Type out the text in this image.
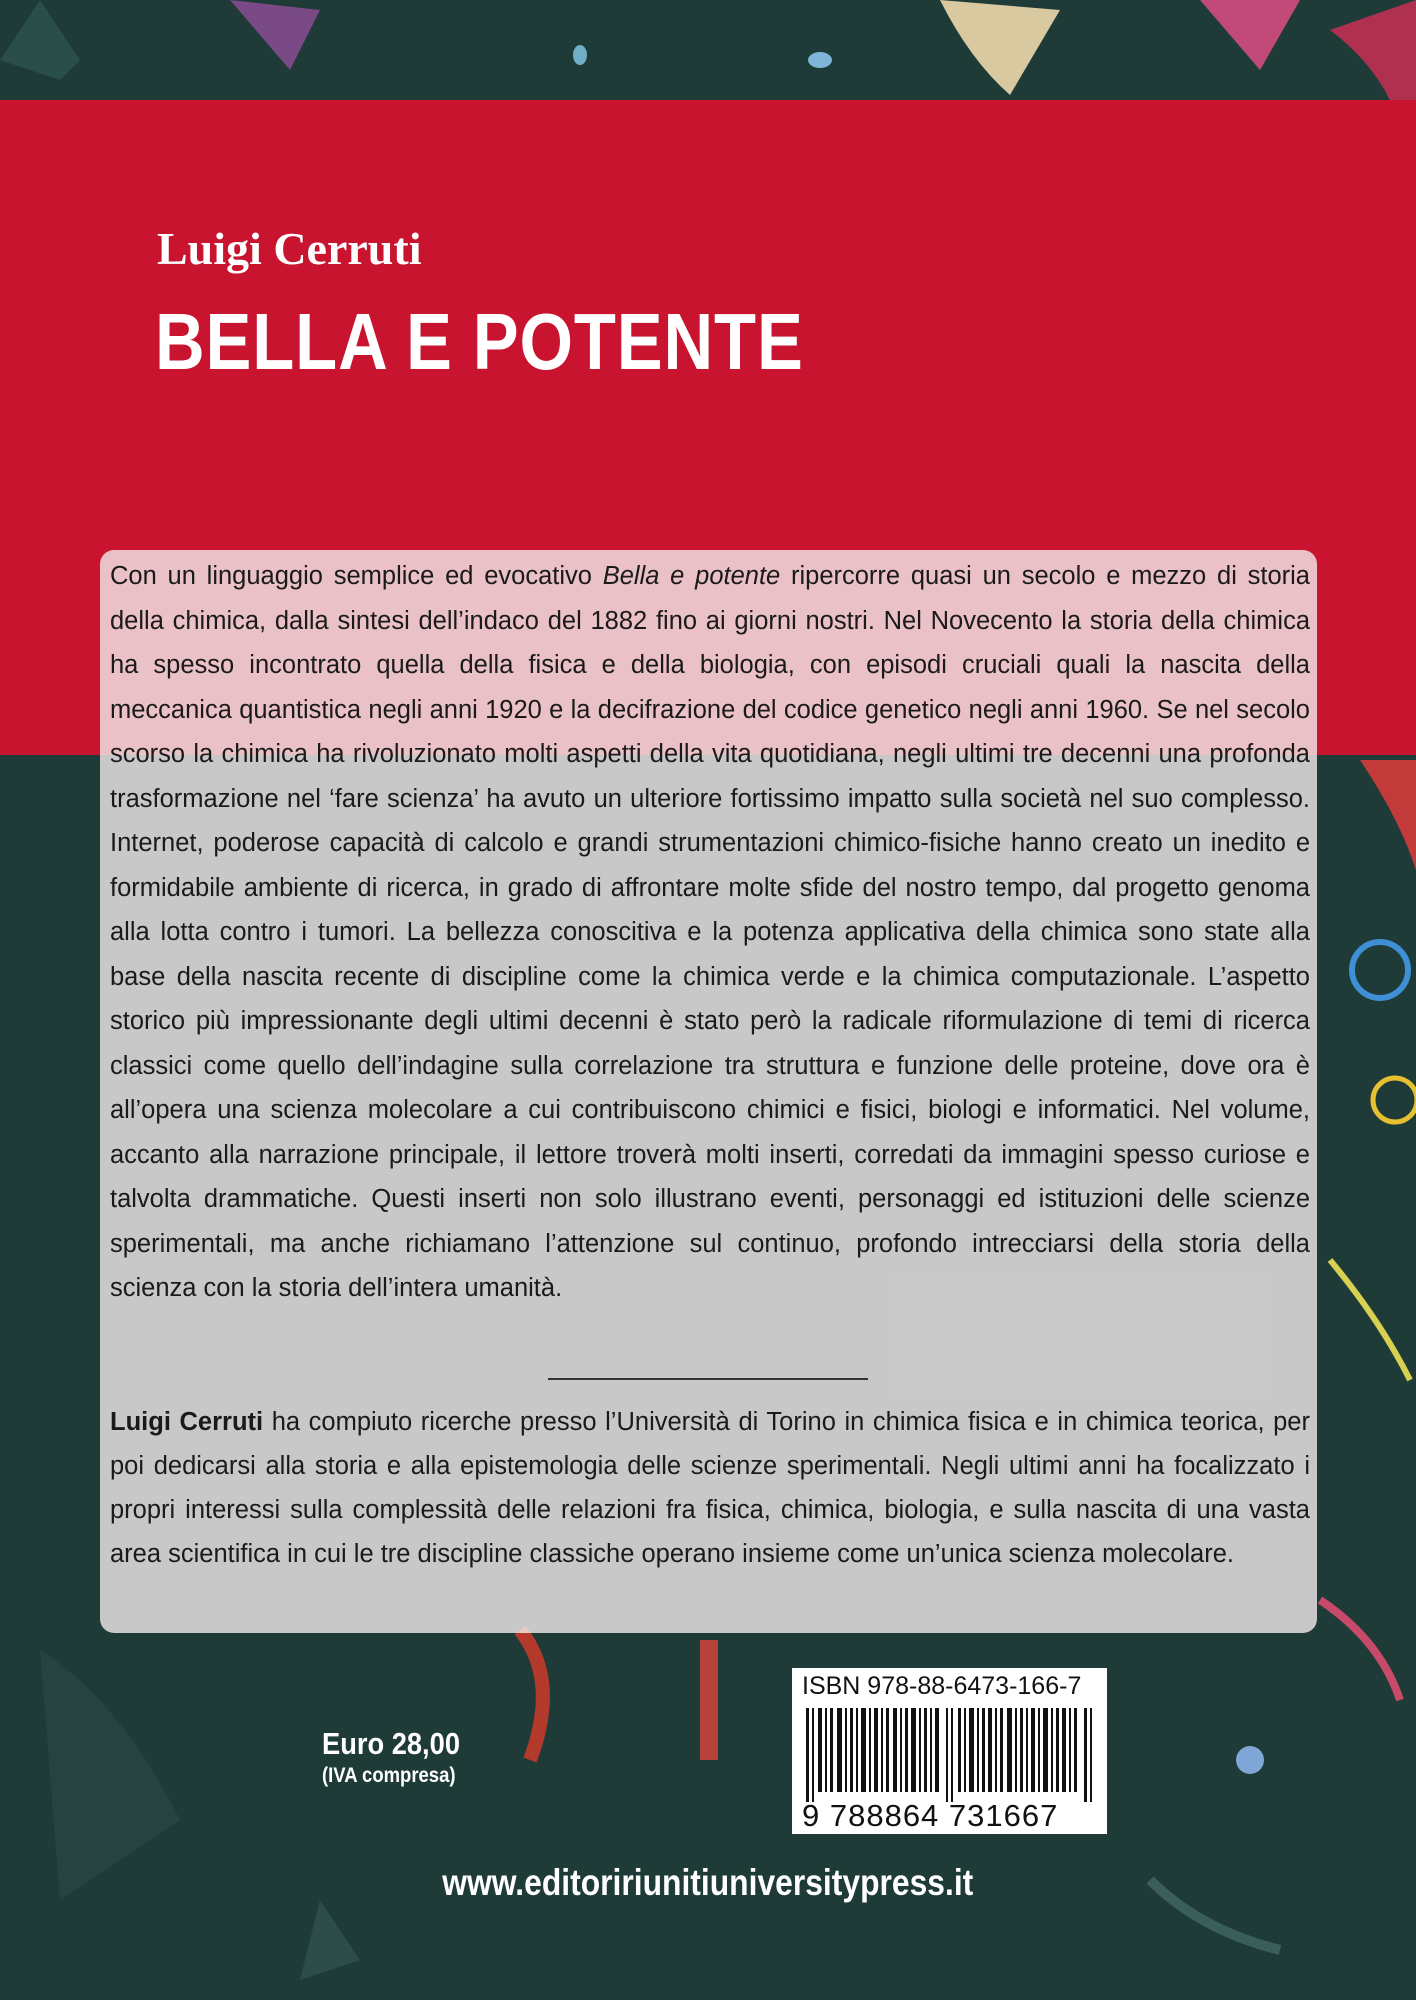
Luigi Cerruti
BELLA E POTENTE

Con un linguaggio semplice ed evocativo Bella e potente ripercorre quasi un secolo e mezzo di storia della chimica, dalla sintesi dell’indaco del 1882 fino ai giorni nostri. Nel Novecento la storia della chimica ha spesso incontrato quella della fisica e della biologia, con episodi cruciali quali la nascita della meccanica quantistica negli anni 1920 e la decifrazione del codice genetico negli anni 1960. Se nel secolo scorso la chimica ha rivoluzionato molti aspetti della vita quotidiana, negli ultimi tre decenni una profonda trasformazione nel ‘fare scienza’ ha avuto un ulteriore fortissimo impatto sulla società nel suo complesso. Internet, poderose capacità di calcolo e grandi strumentazioni chimico-fisiche hanno creato un inedito e formidabile ambiente di ricerca, in grado di affrontare molte sfide del nostro tempo, dal progetto genoma alla lotta contro i tumori. La bellezza conoscitiva e la potenza applicativa della chimica sono state alla base della nascita recente di discipline come la chimica verde e la chimica computazionale. L’aspetto storico più impressionante degli ultimi decenni è stato però la radicale riformulazione di temi di ricerca classici come quello dell’indagine sulla correlazione tra struttura e funzione delle proteine, dove ora è all’opera una scienza molecolare a cui contribuiscono chimici e fisici, biologi e informatici. Nel volume, accanto alla narrazione principale, il lettore troverà molti inserti, corredati da immagini spesso curiose e talvolta drammatiche. Questi inserti non solo illustrano eventi, personaggi ed istituzioni delle scienze sperimentali, ma anche richiamano l’attenzione sul continuo, profondo intrecciarsi della storia della scienza con la storia dell’intera umanità.

Luigi Cerruti ha compiuto ricerche presso l’Università di Torino in chimica fisica e in chimica teorica, per poi dedicarsi alla storia e alla epistemologia delle scienze sperimentali. Negli ultimi anni ha focalizzato i propri interessi sulla complessità delle relazioni fra fisica, chimica, biologia, e sulla nascita di una vasta area scientifica in cui le tre discipline classiche operano insieme come un’unica scienza molecolare.

Euro 28,00
(IVA compresa)

ISBN 978-88-6473-166-7

9 788864 731667

www.editoririunitiuniversitypress.it
